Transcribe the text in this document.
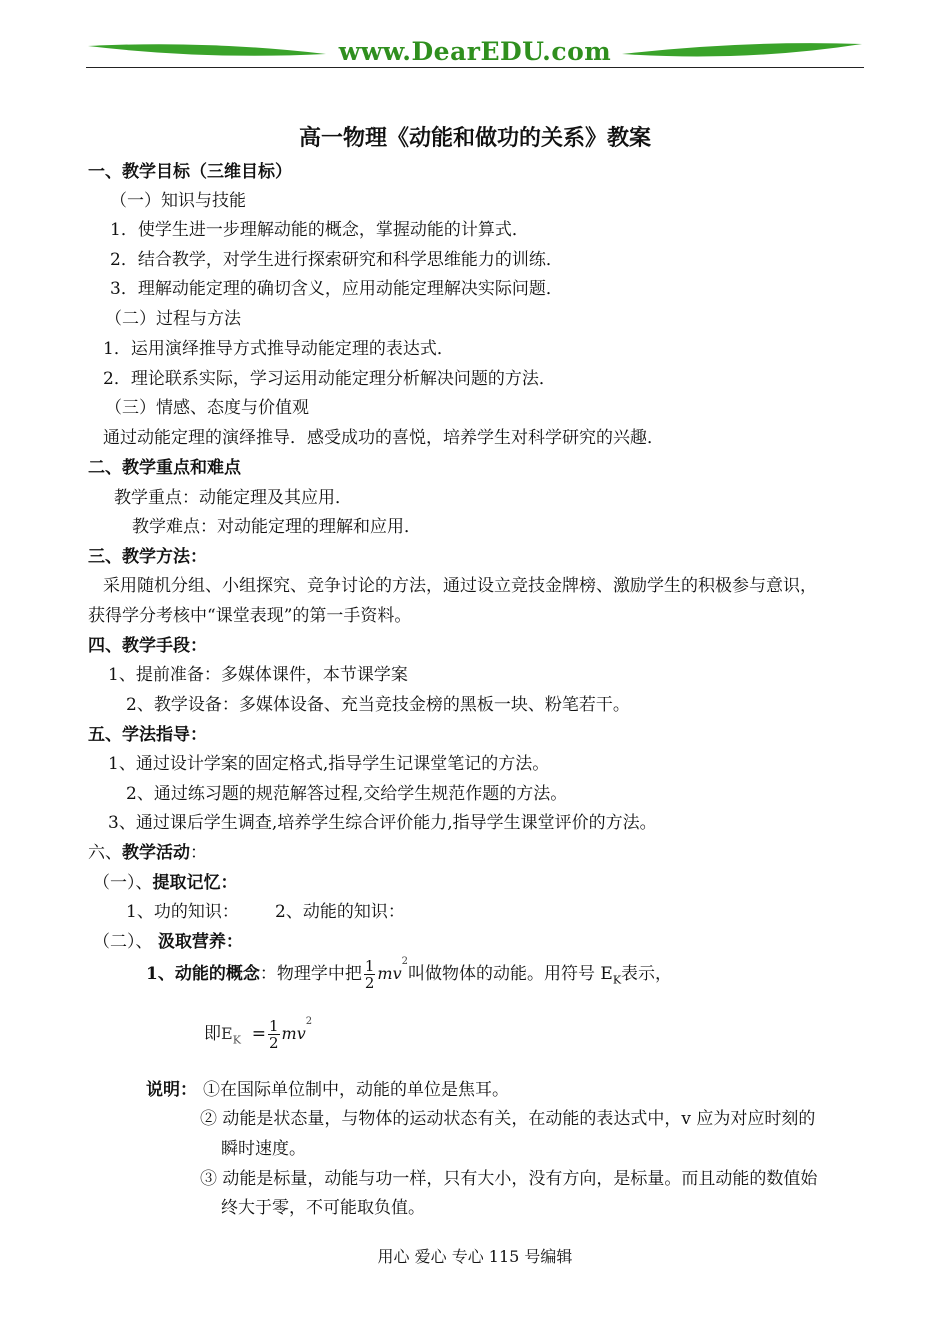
www.DearEDU.com
高一物理《动能和做功的关系》教案
一、教学目标（三维目标）
（一）知识与技能
1．使学生进一步理解动能的概念，掌握动能的计算式．
2．结合教学，对学生进行探索研究和科学思维能力的训练．
3．理解动能定理的确切含义，应用动能定理解决实际问题．
（二）过程与方法
1．运用演绎推导方式推导动能定理的表达式．
2．理论联系实际，学习运用动能定理分析解决问题的方法．
（三）情感、态度与价值观
通过动能定理的演绎推导．感受成功的喜悦，培养学生对科学研究的兴趣．
二、教学重点和难点
教学重点：动能定理及其应用．
教学难点：对动能定理的理解和应用．
三、教学方法：
采用随机分组、小组探究、竞争讨论的方法，通过设立竞技金牌榜、激励学生的积极参与意识，
获得学分考核中“课堂表现”的第一手资料。
四、教学手段：
1、提前准备：多媒体课件，本节课学案
2、教学设备：多媒体设备、充当竞技金榜的黑板一块、粉笔若干。
五、学法指导：
1、通过设计学案的固定格式,指导学生记课堂笔记的方法。
2、通过练习题的规范解答过程,交给学生规范作题的方法。
3、通过课后学生调查,培养学生综合评价能力,指导学生课堂评价的方法。
六、教学活动：
（一）、提取记忆：
1、功的知识： 2、动能的知识：
（二）、 汲取营养：
1、动能的概念：物理学中把 $\frac{1}{2} mv^2$叫做物体的动能。用符号 $E_K$表示，
即$E_K = \frac{1}{2} mv^2$
说明： ①在国际单位制中，动能的单位是焦耳。
② 动能是状态量，与物体的运动状态有关，在动能的表达式中，v 应为对应时刻的
瞬时速度。
③ 动能是标量，动能与功一样，只有大小，没有方向，是标量。而且动能的数值始
终大于零，不可能取负值。
用心 爱心 专心 115 号编辑
